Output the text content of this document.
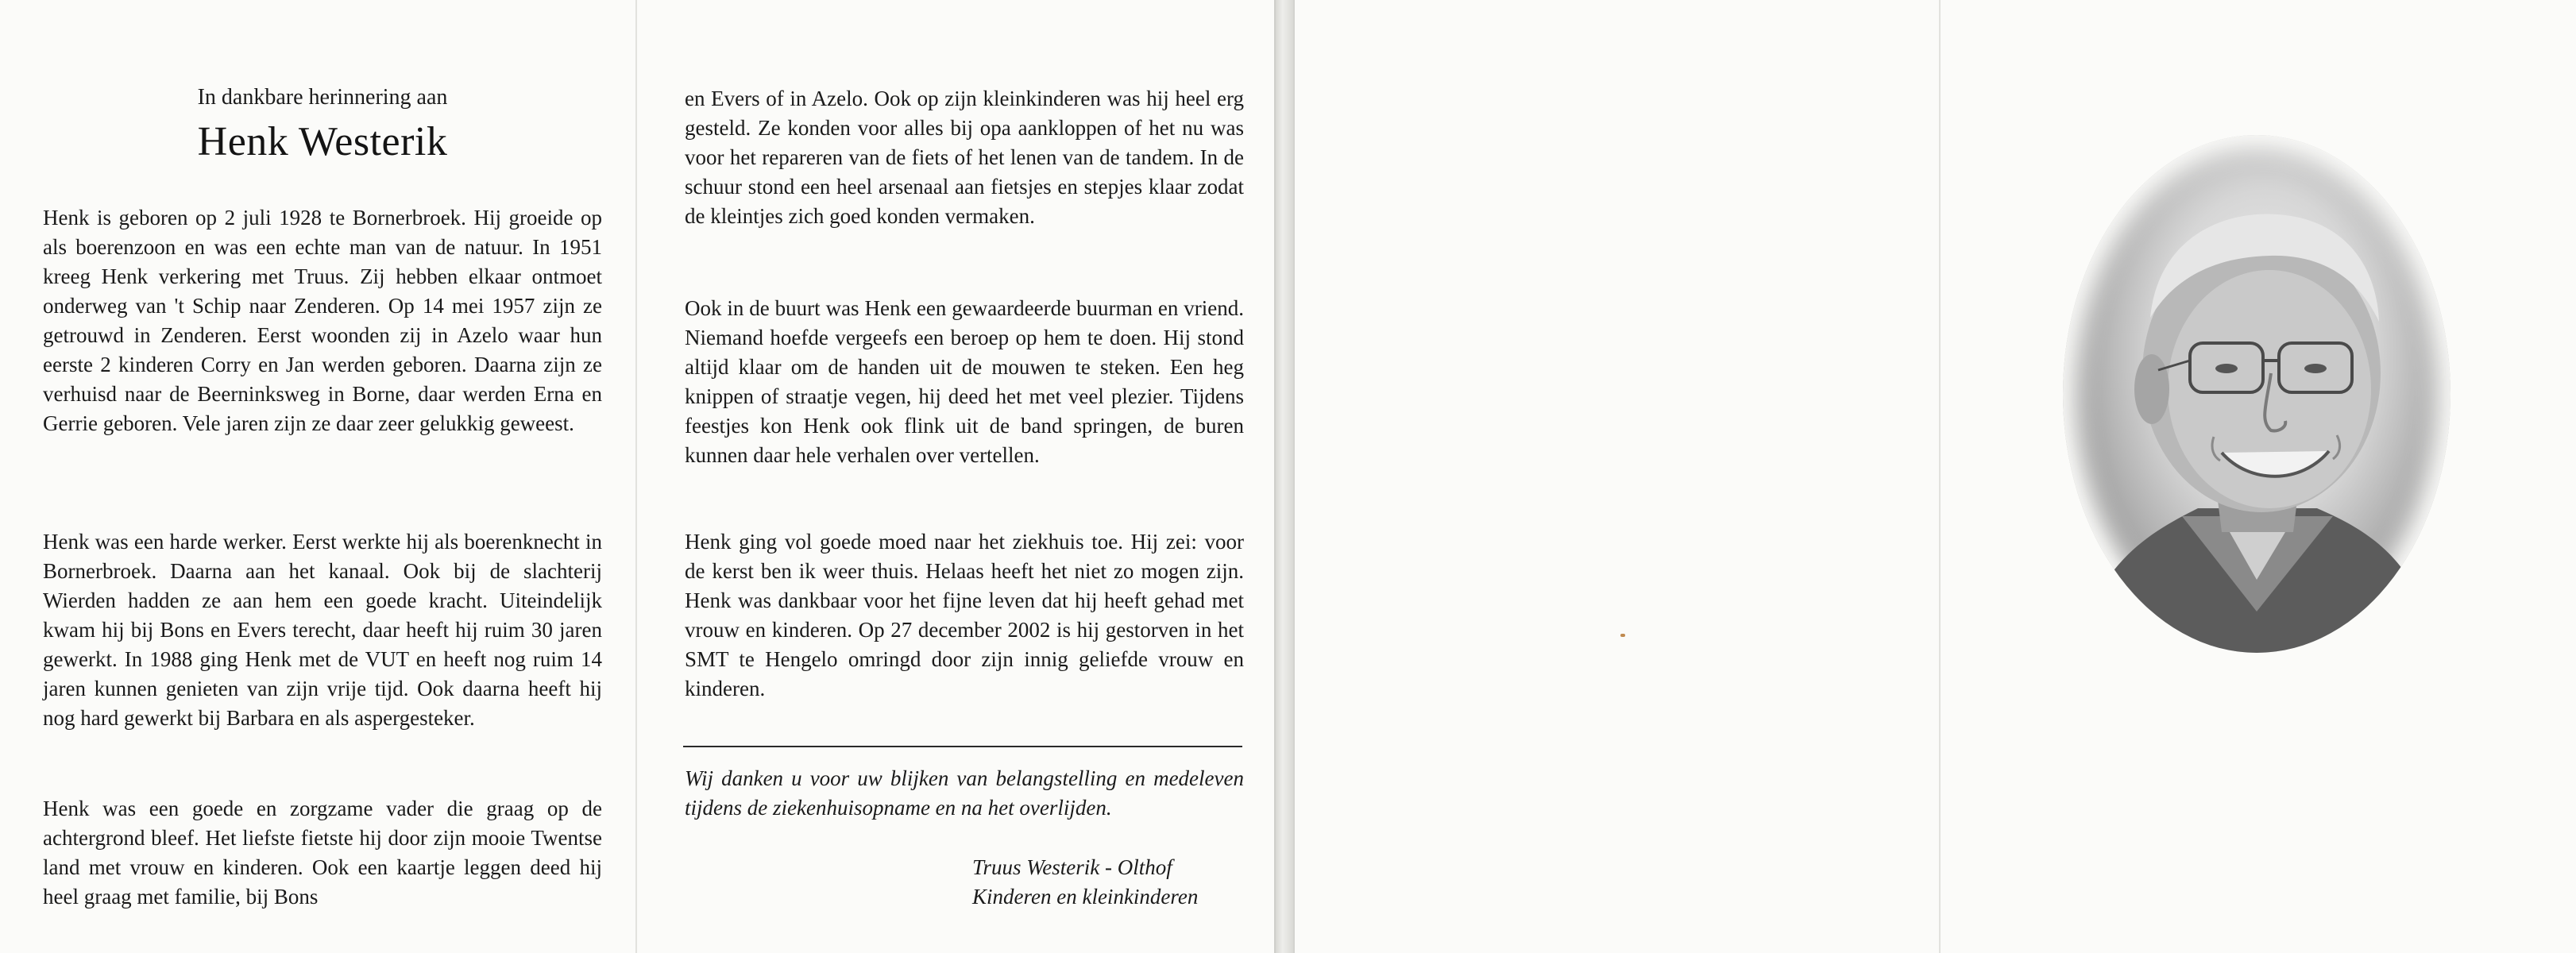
In dankbare herinnering aan
Henk Westerik

Henk is geboren op 2 juli 1928 te Bornerbroek. Hij groeide op als boerenzoon en was een echte man van de natuur. In 1951 kreeg Henk verkering met Truus. Zij hebben elkaar ontmoet onderweg van 't Schip naar Zenderen. Op 14 mei 1957 zijn ze getrouwd in Zenderen. Eerst woonden zij in Azelo waar hun eerste 2 kinderen Corry en Jan werden geboren. Daarna zijn ze verhuisd naar de Beerninksweg in Borne, daar werden Erna en Gerrie geboren. Vele jaren zijn ze daar zeer gelukkig geweest.

Henk was een harde werker. Eerst werkte hij als boerenknecht in Bornerbroek. Daarna aan het kanaal. Ook bij de slachterij Wierden hadden ze aan hem een goede kracht. Uiteindelijk kwam hij bij Bons en Evers terecht, daar heeft hij ruim 30 jaren gewerkt. In 1988 ging Henk met de VUT en heeft nog ruim 14 jaren kunnen genieten van zijn vrije tijd. Ook daarna heeft hij nog hard gewerkt bij Barbara en als aspergesteker.

Henk was een goede en zorgzame vader die graag op de achtergrond bleef. Het liefste fietste hij door zijn mooie Twentse land met vrouw en kinderen. Ook een kaartje leggen deed hij heel graag met familie, bij Bons

en Evers of in Azelo. Ook op zijn kleinkinderen was hij heel erg gesteld. Ze konden voor alles bij opa aankloppen of het nu was voor het repareren van de fiets of het lenen van de tandem. In de schuur stond een heel arsenaal aan fietsjes en stepjes klaar zodat de kleintjes zich goed konden vermaken.

Ook in de buurt was Henk een gewaardeerde buurman en vriend. Niemand hoefde vergeefs een beroep op hem te doen. Hij stond altijd klaar om de handen uit de mouwen te steken. Een heg knippen of straatje vegen, hij deed het met veel plezier. Tijdens feestjes kon Henk ook flink uit de band springen, de buren kunnen daar hele verhalen over vertellen.

Henk ging vol goede moed naar het ziekhuis toe. Hij zei: voor de kerst ben ik weer thuis. Helaas heeft het niet zo mogen zijn. Henk was dankbaar voor het fijne leven dat hij heeft gehad met vrouw en kinderen. Op 27 december 2002 is hij gestorven in het SMT te Hengelo omringd door zijn innig geliefde vrouw en kinderen.

Wij danken u voor uw blijken van belangstelling en medeleven tijdens de ziekenhuisopname en na het overlijden.

Truus Westerik - Olthof
Kinderen en kleinkinderen
